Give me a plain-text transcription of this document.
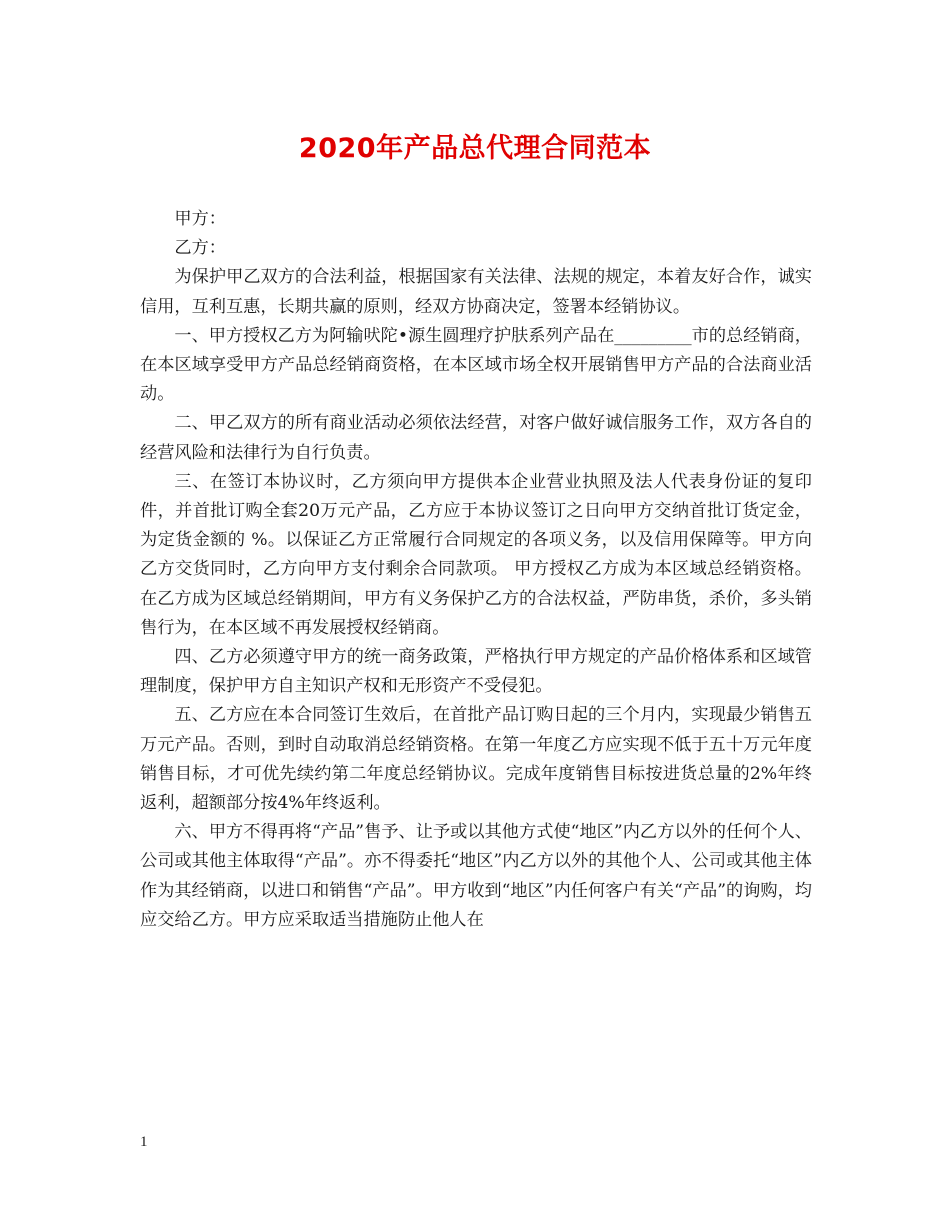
2020年产品总代理合同范本

甲方：

乙方：

为保护甲乙双方的合法利益，根据国家有关法律、法规的规定，本着友好合作，诚实信用，互利互惠，长期共赢的原则，经双方协商决定，签署本经销协议。

一、甲方授权乙方为阿输吠陀•源生圆理疗护肤系列产品在_________市的总经销商，在本区域享受甲方产品总经销商资格，在本区域市场全权开展销售甲方产品的合法商业活动。

二、甲乙双方的所有商业活动必须依法经营，对客户做好诚信服务工作，双方各自的经营风险和法律行为自行负责。

三、在签订本协议时，乙方须向甲方提供本企业营业执照及法人代表身份证的复印件，并首批订购全套20万元产品，乙方应于本协议签订之日向甲方交纳首批订货定金，为定货金额的 %。以保证乙方正常履行合同规定的各项义务，以及信用保障等。甲方向乙方交货同时，乙方向甲方支付剩余合同款项。 甲方授权乙方成为本区域总经销资格。在乙方成为区域总经销期间，甲方有义务保护乙方的合法权益，严防串货，杀价，多头销售行为，在本区域不再发展授权经销商。

四、乙方必须遵守甲方的统一商务政策，严格执行甲方规定的产品价格体系和区域管理制度，保护甲方自主知识产权和无形资产不受侵犯。

五、乙方应在本合同签订生效后，在首批产品订购日起的三个月内，实现最少销售五万元产品。否则，到时自动取消总经销资格。在第一年度乙方应实现不低于五十万元年度销售目标，才可优先续约第二年度总经销协议。完成年度销售目标按进货总量的2%年终返利，超额部分按4%年终返利。

六、甲方不得再将“产品”售予、让予或以其他方式使“地区”内乙方以外的任何个人、公司或其他主体取得“产品”。亦不得委托“地区”内乙方以外的其他个人、公司或其他主体作为其经销商，以进口和销售“产品”。甲方收到“地区”内任何客户有关“产品”的询购，均应交给乙方。甲方应采取适当措施防止他人在

1
